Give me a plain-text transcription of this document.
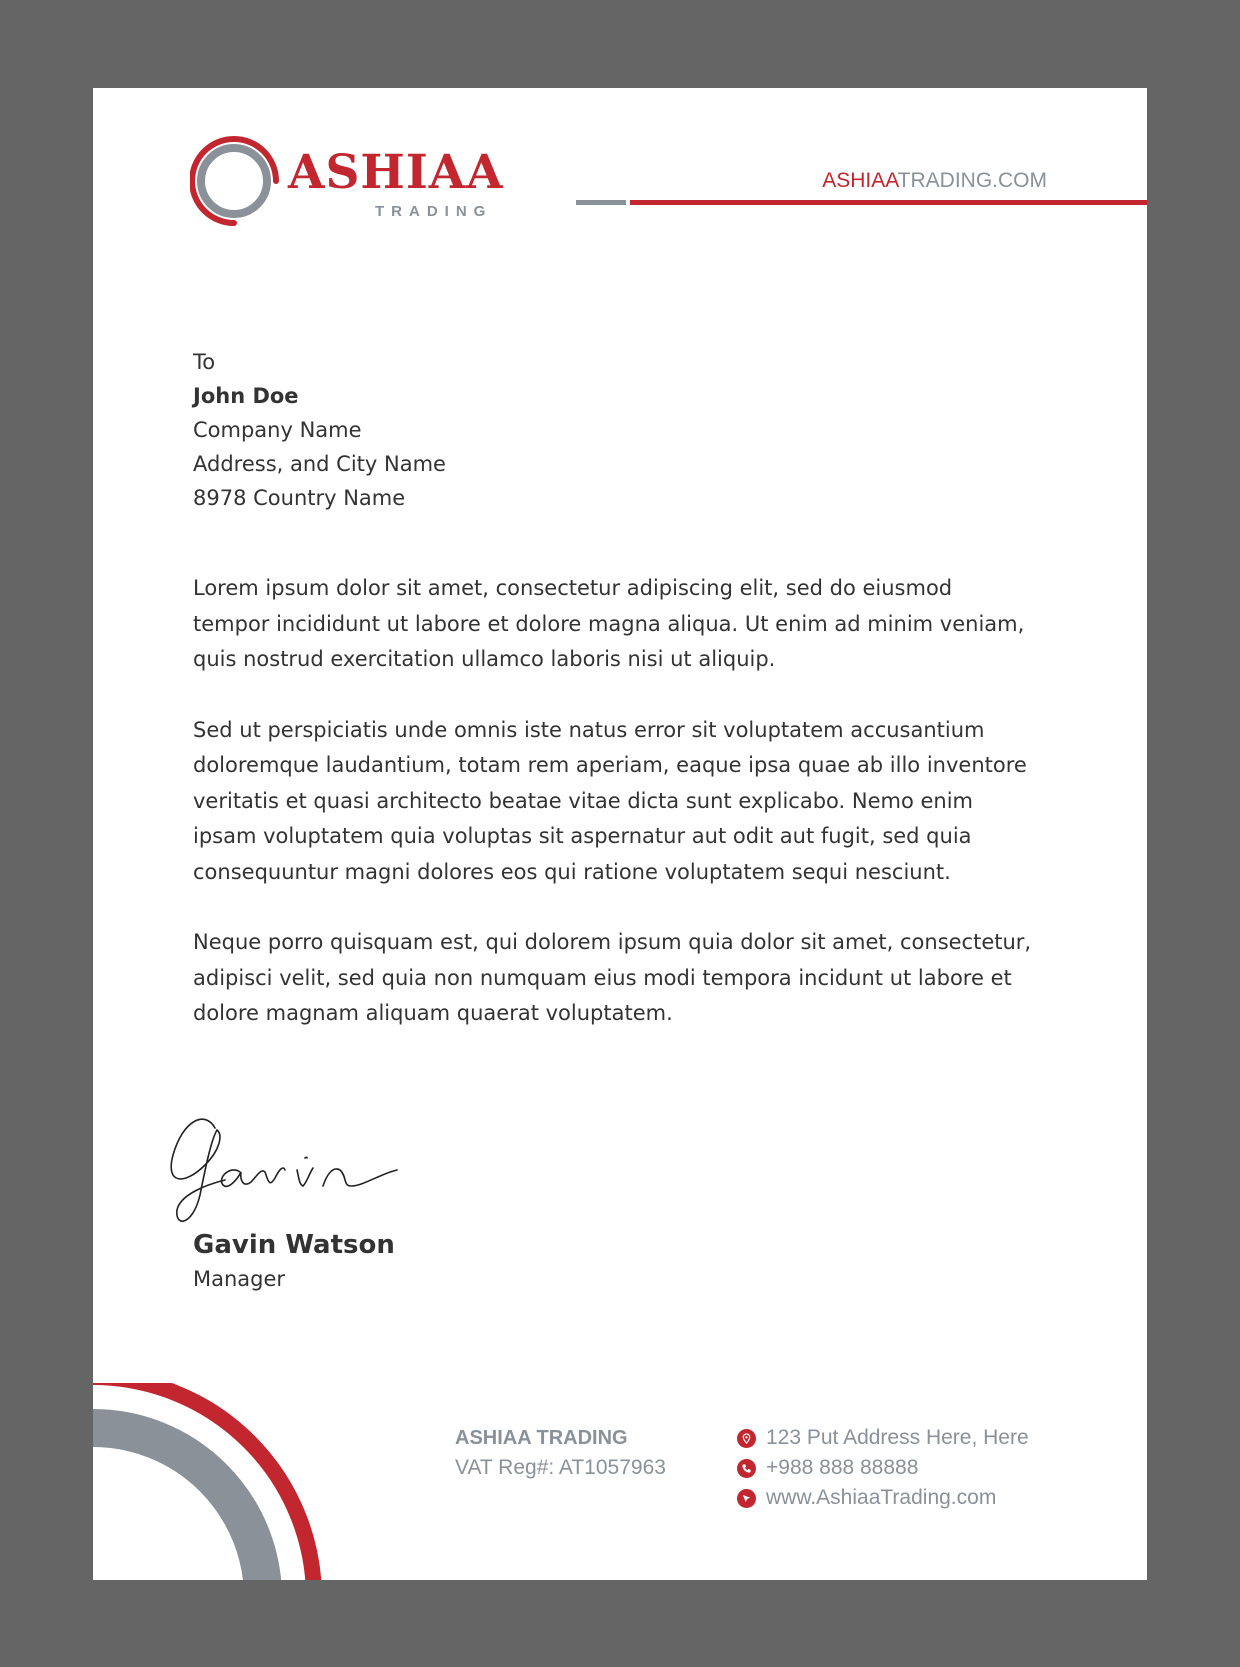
ASHIAA
TRADING
ASHIAATRADING.COM
To
John Doe
Company Name
Address, and City Name
8978 Country Name

Lorem ipsum dolor sit amet, consectetur adipiscing elit, sed do eiusmod tempor incididunt ut labore et dolore magna aliqua. Ut enim ad minim veniam, quis nostrud exercitation ullamco laboris nisi ut aliquip.

Sed ut perspiciatis unde omnis iste natus error sit voluptatem accusantium doloremque laudantium, totam rem aperiam, eaque ipsa quae ab illo inventore veritatis et quasi architecto beatae vitae dicta sunt explicabo. Nemo enim ipsam voluptatem quia voluptas sit aspernatur aut odit aut fugit, sed quia consequuntur magni dolores eos qui ratione voluptatem sequi nesciunt.

Neque porro quisquam est, qui dolorem ipsum quia dolor sit amet, consectetur, adipisci velit, sed quia non numquam eius modi tempora incidunt ut labore et dolore magnam aliquam quaerat voluptatem.

Gavin Watson
Manager
ASHIAA TRADING
VAT Reg#: AT1057963
123 Put Address Here, Here
+988 888 88888
www.AshiaaTrading.com
